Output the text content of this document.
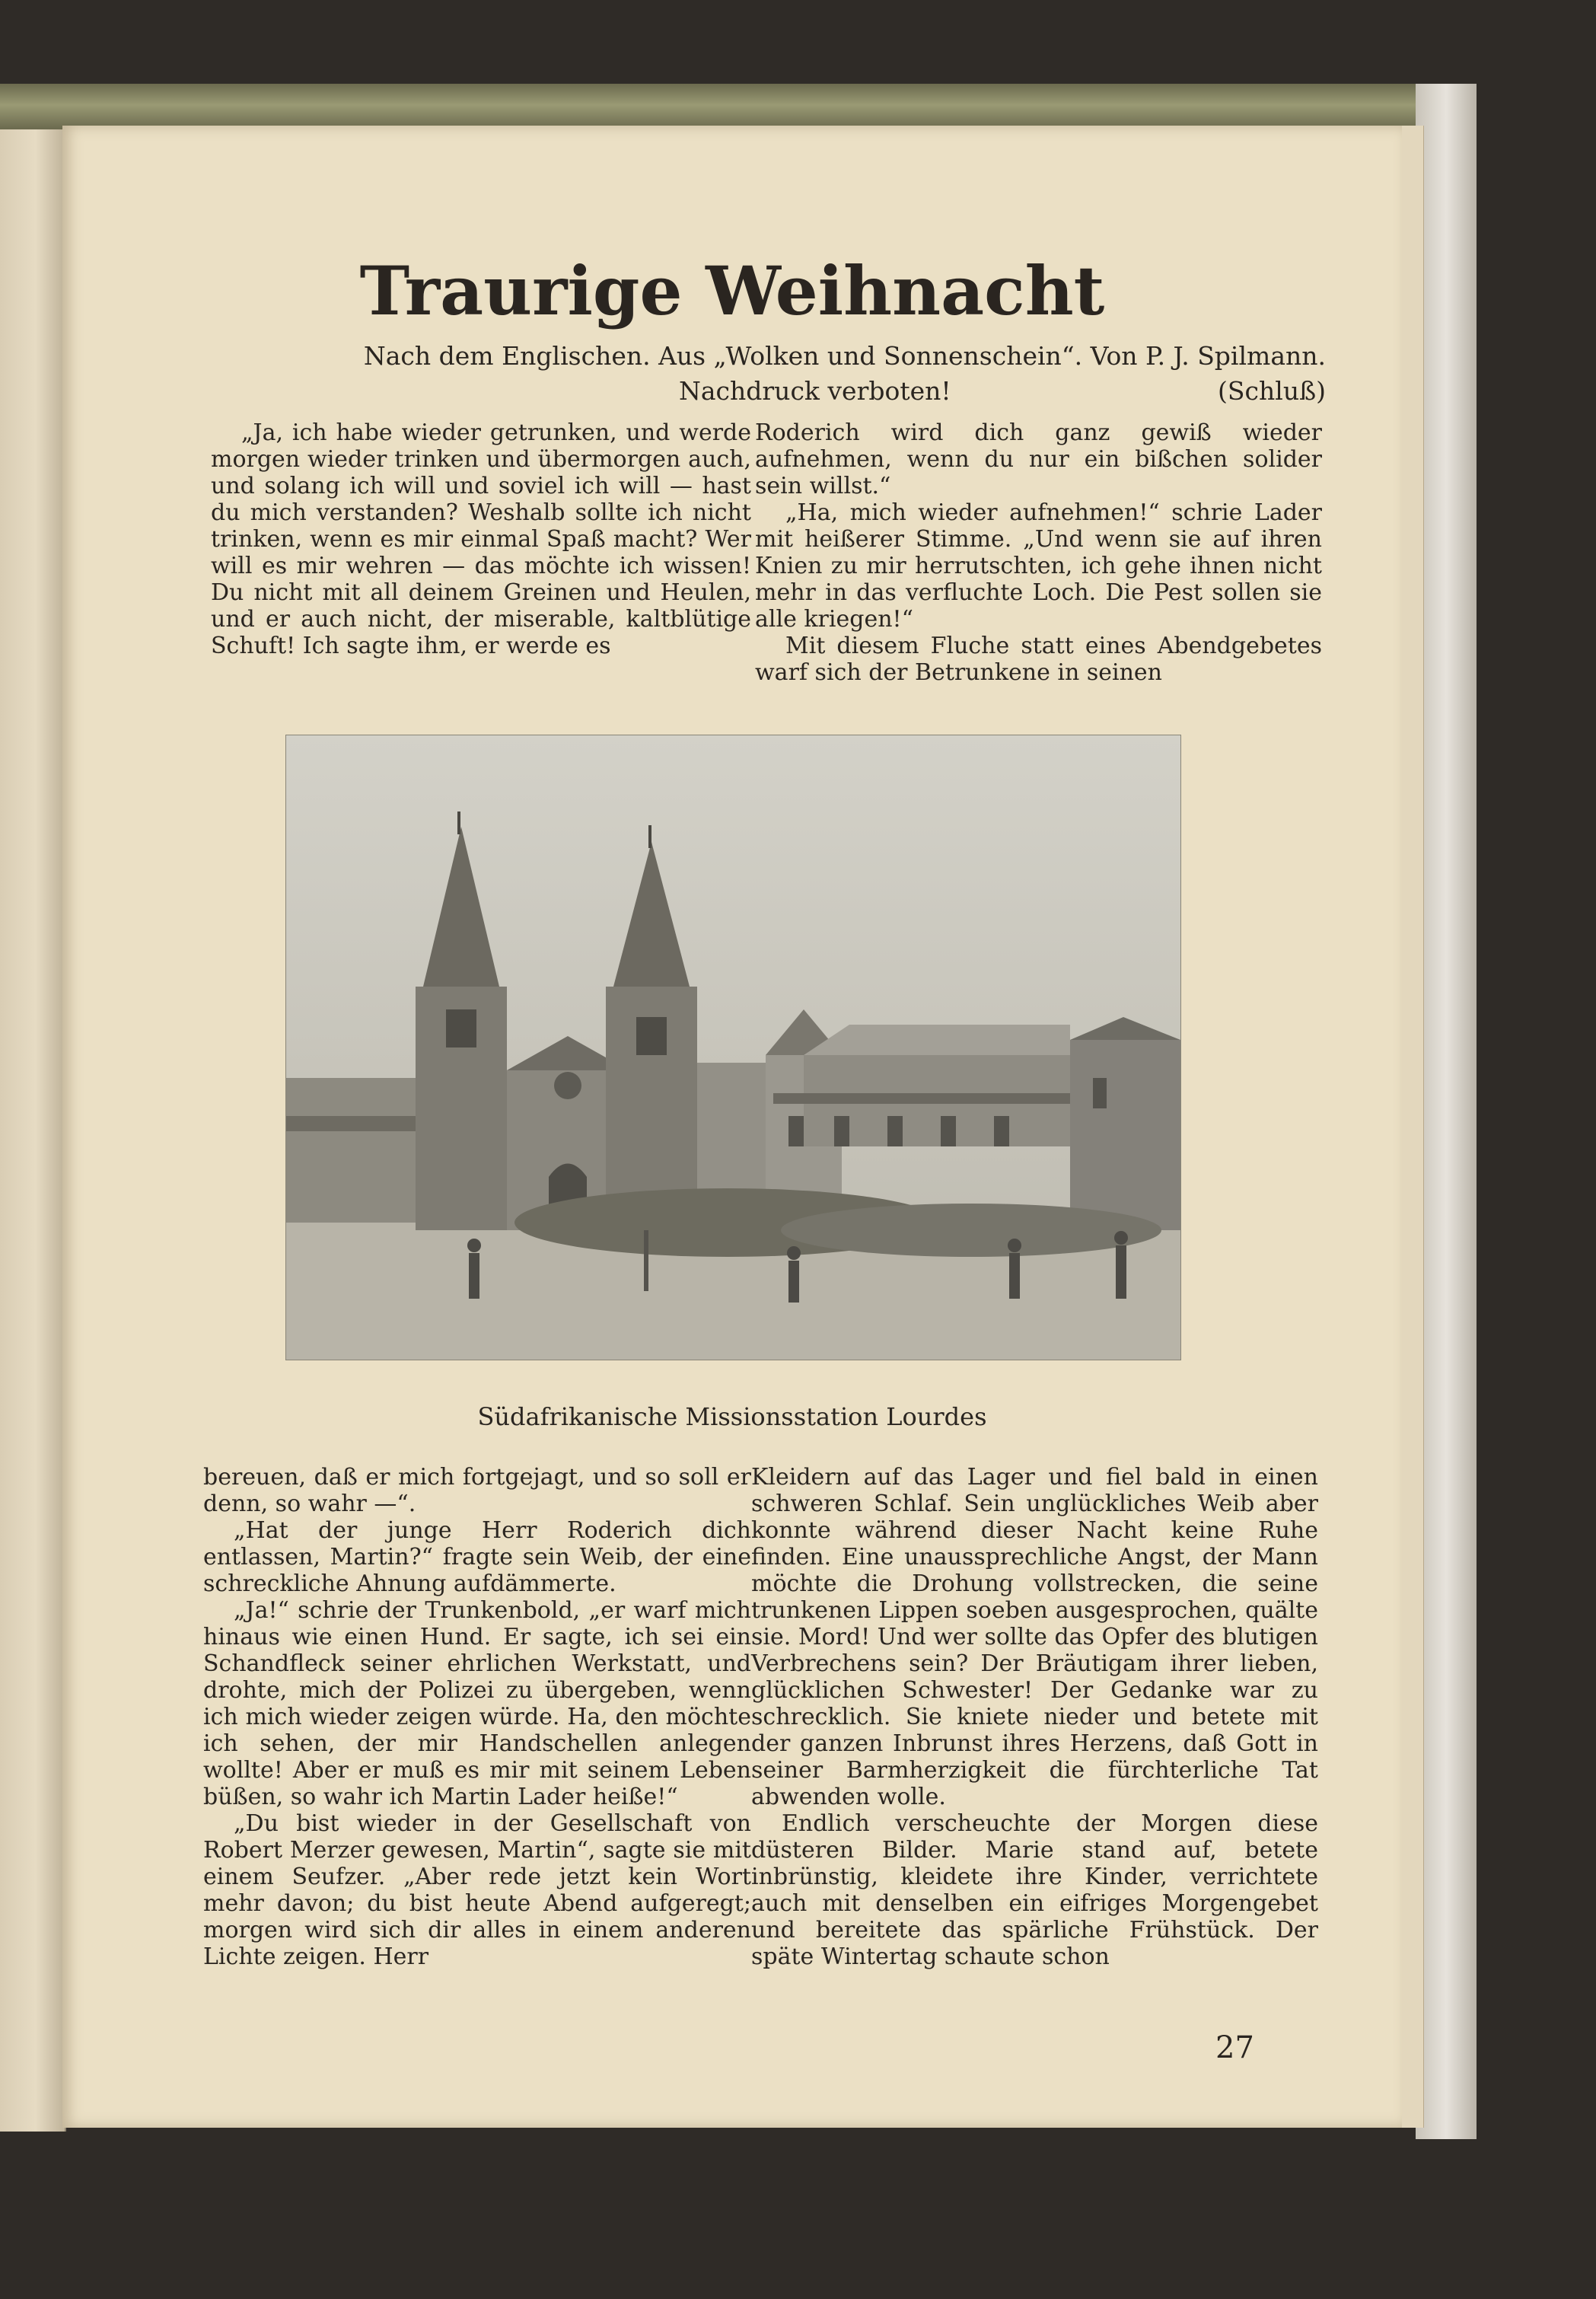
Traurige Weihnacht
Nach dem Englischen. Aus „Wolken und Sonnenschein“. Von P. J. Spilmann.
Nachdruck verboten!	(Schluß)

„Ja, ich habe wieder getrunken, und werde morgen wieder trinken und übermorgen auch, und solang ich will und soviel ich will — hast du mich verstanden? Weshalb sollte ich nicht trinken, wenn es mir einmal Spaß macht? Wer will es mir wehren — das möchte ich wissen! Du nicht mit all deinem Greinen und Heulen, und er auch nicht, der miserable, kaltblütige Schuft! Ich sagte ihm, er werde es

Roderich wird dich ganz gewiß wieder aufnehmen, wenn du nur ein bißchen solider sein willst.“

„Ha, mich wieder aufnehmen!“ schrie Lader mit heißerer Stimme. „Und wenn sie auf ihren Knien zu mir herrutschten, ich gehe ihnen nicht mehr in das verfluchte Loch. Die Pest sollen sie alle kriegen!“

Mit diesem Fluche statt eines Abendgebetes warf sich der Betrunkene in seinen

Südafrikanische Missionsstation Lourdes

bereuen, daß er mich fortgejagt, und so soll er denn, so wahr —“.

„Hat der junge Herr Roderich dich entlassen, Martin?“ fragte sein Weib, der eine schreckliche Ahnung aufdämmerte.

„Ja!“ schrie der Trunkenbold, „er warf mich hinaus wie einen Hund. Er sagte, ich sei ein Schandfleck seiner ehrlichen Werkstatt, und drohte, mich der Polizei zu übergeben, wenn ich mich wieder zeigen würde. Ha, den möchte ich sehen, der mir Handschellen anlegen wollte! Aber er muß es mir mit seinem Leben büßen, so wahr ich Martin Lader heiße!“

„Du bist wieder in der Gesellschaft von Robert Merzer gewesen, Martin“, sagte sie mit einem Seufzer. „Aber rede jetzt kein Wort mehr davon; du bist heute Abend aufgeregt; morgen wird sich dir alles in einem anderen Lichte zeigen. Herr

Kleidern auf das Lager und fiel bald in einen schweren Schlaf. Sein unglückliches Weib aber konnte während dieser Nacht keine Ruhe finden. Eine unaussprechliche Angst, der Mann möchte die Drohung vollstrecken, die seine trunkenen Lippen soeben ausgesprochen, quälte sie. Mord! Und wer sollte das Opfer des blutigen Verbrechens sein? Der Bräutigam ihrer lieben, glücklichen Schwester! Der Gedanke war zu schrecklich. Sie kniete nieder und betete mit der ganzen Inbrunst ihres Herzens, daß Gott in seiner Barmherzigkeit die fürchterliche Tat abwenden wolle.

Endlich verscheuchte der Morgen diese düsteren Bilder. Marie stand auf, betete inbrünstig, kleidete ihre Kinder, verrichtete auch mit denselben ein eifriges Morgengebet und bereitete das spärliche Frühstück. Der späte Wintertag schaute schon

27
